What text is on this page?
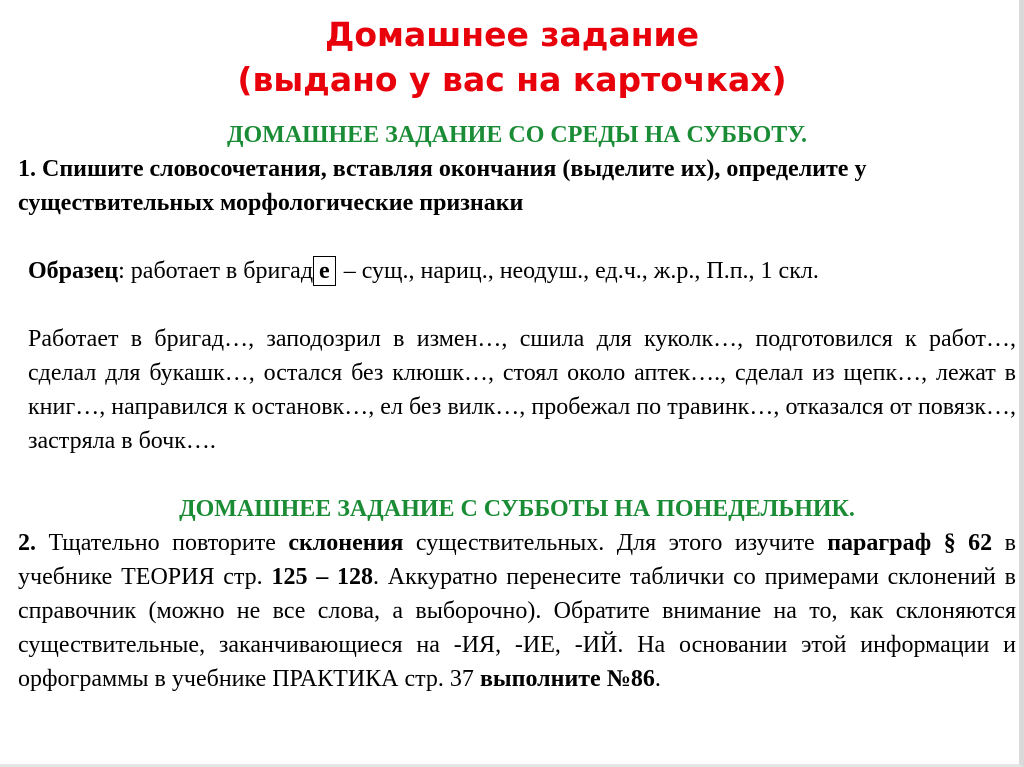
Домашнее задание
(выдано у вас на карточках)

ДОМАШНЕЕ ЗАДАНИЕ СО СРЕДЫ НА СУББОТУ.

1. Спишите словосочетания, вставляя окончания (выделите их), определите у существительных морфологические признаки

Образец: работает в бригад е – сущ., нариц., неодуш., ед.ч., ж.р., П.п., 1 скл.

Работает в бригад…, заподозрил в измен…, сшила для куколк…, подготовился к работ…, сделал для букашк…, остался без клюшк…, стоял около аптек…., сделал из щепк…, лежат в книг…, направился к остановк…, ел без вилк…, пробежал по травинк…, отказался от повязк…, застряла в бочк….

ДОМАШНЕЕ ЗАДАНИЕ С СУББОТЫ НА ПОНЕДЕЛЬНИК.

2. Тщательно повторите склонения существительных. Для этого изучите параграф § 62 в учебнике ТЕОРИЯ стр. 125 – 128. Аккуратно перенесите таблички со примерами склонений в справочник (можно не все слова, а выборочно). Обратите внимание на то, как склоняются существительные, заканчивающиеся на -ИЯ, -ИЕ, -ИЙ. На основании этой информации и орфограммы в учебнике ПРАКТИКА стр. 37 выполните №86.
